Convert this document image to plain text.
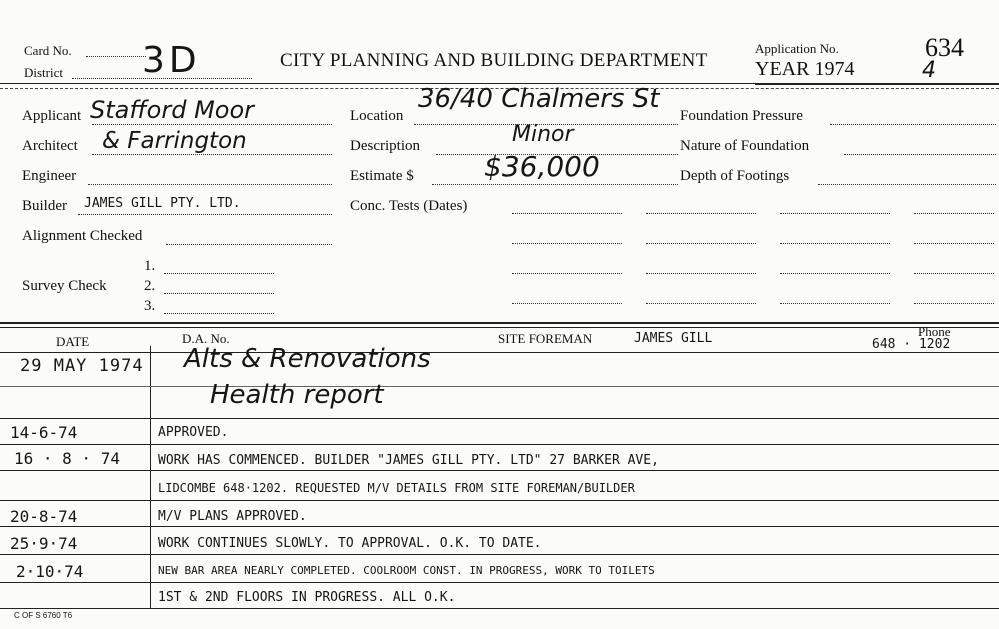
Card No.
District 3D	CITY PLANNING AND BUILDING DEPARTMENT
Application No.
YEAR 1974
634
4
Applicant Stafford Moor
Architect & Farrington
Engineer
Builder JAMES GILL PTY. LTD.
Alignment Checked
Survey Check
1.
2.
3.
Location
36/40 Chalmers St
Description	Minor
Estimate $	$36,000
Conc. Tests (Dates)
Foundation Pressure
Nature of Foundation
Depth of Footings
DATE	D.A. No.	SITE FOREMAN	JAMES GILL	Phone
648 · 1202
29 MAY 1974 Alts & Renovations
Health report
14-6-74	APPROVED.
16 · 8 · 74	WORK HAS COMMENCED. BUILDER "JAMES GILL PTY. LTD" 27 BARKER AVE,
LIDCOMBE 648·1202. REQUESTED M/V DETAILS FROM SITE FOREMAN/BUILDER
20-8-74	M/V PLANS APPROVED.
25·9·74	WORK CONTINUES SLOWLY. TO APPROVAL. O.K. TO DATE.
2·10·74	NEW BAR AREA NEARLY COMPLETED. COOLROOM CONST. IN PROGRESS, WORK TO TOILETS
1ST & 2ND FLOORS IN PROGRESS. ALL O.K.
C OF S 6760 T6
